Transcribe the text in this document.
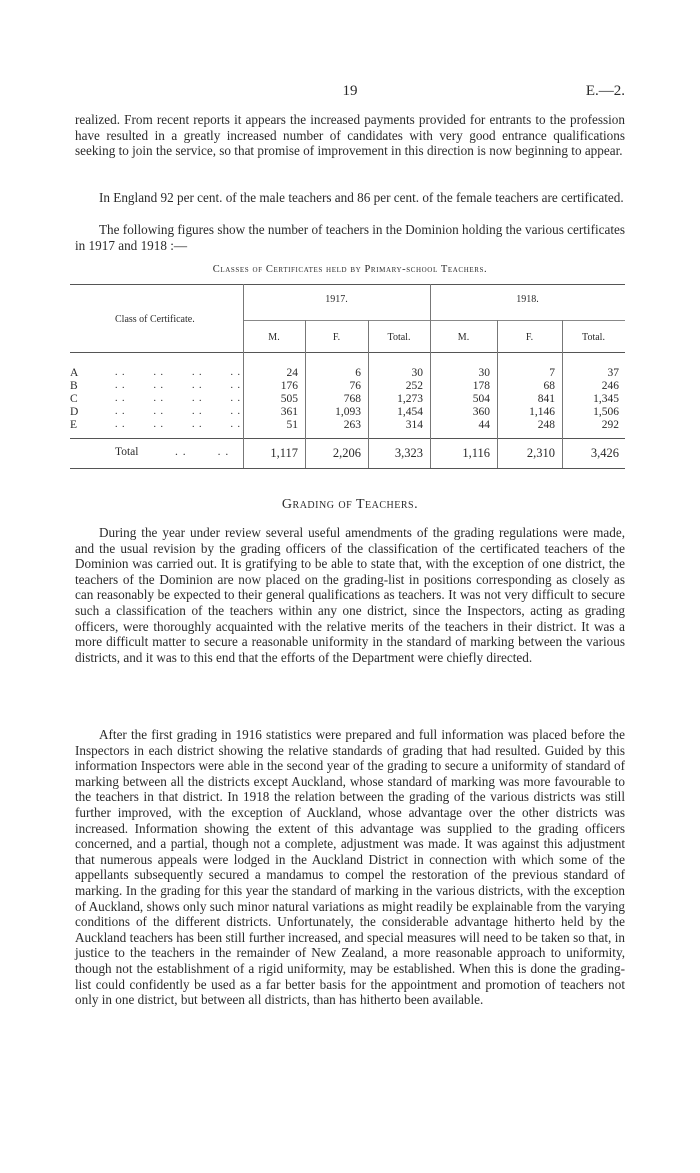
19	E.—2.

realized. From recent reports it appears the increased payments provided for entrants to the profession have resulted in a greatly increased number of candidates with very good entrance qualifications seeking to join the service, so that promise of improvement in this direction is now beginning to appear.

In England 92 per cent. of the male teachers and 86 per cent. of the female teachers are certificated.

The following figures show the number of teachers in the Dominion holding the various certificates in 1917 and 1918 :—

Classes of Certificates held by Primary-school Teachers.
Class of Certificate.
1917.	1918.
M.	F.	Total.	M.	F.	Total.
A	. .        . .        . .        . .	24	6	30	30	7	37
B	. .        . .        . .        . .	176	76	252	178	68	246
C	. .        . .        . .        . .	505	768	1,273	504	841	1,345
D	. .        . .        . .        . .	361	1,093	1,454	360	1,146	1,506
E	. .        . .        . .        . .	51	263	314	44	248	292
Total	. .        . .	1,117	2,206	3,323	1,116	2,310	3,426
Grading of Teachers.

During the year under review several useful amendments of the grading regulations were made, and the usual revision by the grading officers of the classification of the certificated teachers of the Dominion was carried out. It is gratifying to be able to state that, with the exception of one district, the teachers of the Dominion are now placed on the grading-list in positions corresponding as closely as can reasonably be expected to their general qualifications as teachers. It was not very difficult to secure such a classification of the teachers within any one district, since the Inspectors, acting as grading officers, were thoroughly acquainted with the relative merits of the teachers in their district. It was a more difficult matter to secure a reasonable uniformity in the standard of marking between the various districts, and it was to this end that the efforts of the Department were chiefly directed.

After the first grading in 1916 statistics were prepared and full information was placed before the Inspectors in each district showing the relative standards of grading that had resulted. Guided by this information Inspectors were able in the second year of the grading to secure a uniformity of standard of marking between all the districts except Auckland, whose standard of marking was more favourable to the teachers in that district. In 1918 the relation between the grading of the various districts was still further improved, with the exception of Auckland, whose advantage over the other districts was increased. Information showing the extent of this advantage was supplied to the grading officers concerned, and a partial, though not a complete, adjustment was made. It was against this adjustment that numerous appeals were lodged in the Auckland District in connection with which some of the appellants subsequently secured a mandamus to compel the restoration of the previous standard of marking. In the grading for this year the standard of marking in the various districts, with the exception of Auckland, shows only such minor natural variations as might readily be explainable from the varying conditions of the different districts. Unfortunately, the considerable advantage hitherto held by the Auckland teachers has been still further increased, and special measures will need to be taken so that, in justice to the teachers in the remainder of New Zealand, a more reasonable approach to uniformity, though not the establishment of a rigid uniformity, may be established. When this is done the grading-list could confidently be used as a far better basis for the appointment and promotion of teachers not only in one district, but between all districts, than has hitherto been available.
